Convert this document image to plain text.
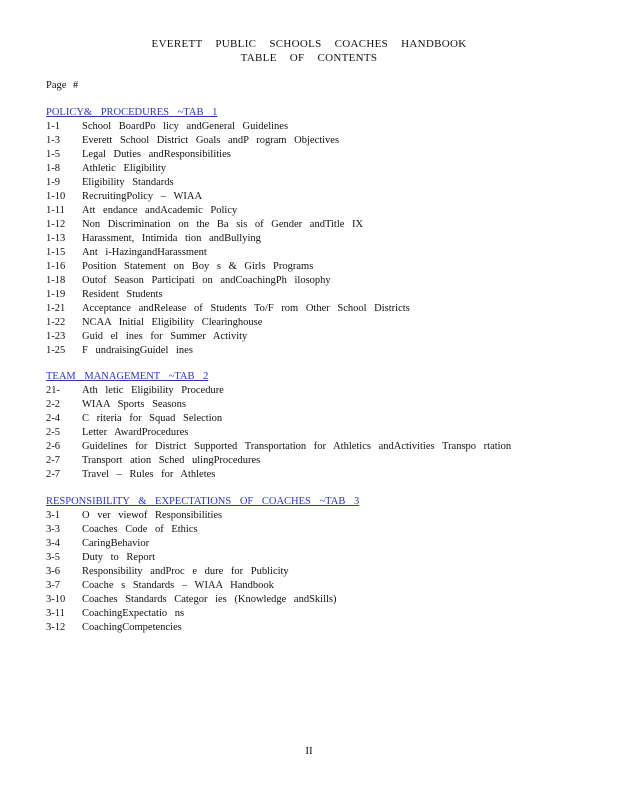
EVERETT PUBLIC SCHOOLS COACHES HANDBOOK
TABLE OF CONTENTS
Page #
POLICY& PROCEDURES ~TAB 1
1-1	School BoardPo licy andGeneral Guidelines
1-3	Everett School District Goals andP rogram Objectives
1-5	Legal Duties andResponsibilities
1-8	Athletic Eligibility
1-9	Eligibility Standards
1-10	RecruitingPolicy – WIAA
1-11	Att endance andAcademic Policy
1-12	Non Discrimination on the Ba sis of Gender andTitle IX
1-13	Harassment, Intimida tion andBullying
1-15	Ant i-HazingandHarassment
1-16	Position Statement on Boy s & Girls Programs
1-18	Outof Season Participati on andCoachingPh ilosophy
1-19	Resident Students
1-21	Acceptance andRelease of Students To/F rom Other School Districts
1-22	NCAA Initial Eligibility Clearinghouse
1-23	Guid el ines for Summer Activity
1-25	F undraisingGuidel ines
TEAM MANAGEMENT ~TAB 2
21-	Ath letic Eligibility Procedure
2-2	WIAA Sports Seasons
2-4	C riteria for Squad Selection
2-5	Letter AwardProcedures
2-6	Guidelines for District Supported Transportation for Athletics andActivities Transpo rtation
2-7	Transport ation Sched ulingProcedures
2-7	Travel – Rules for Athletes
RESPONSIBILITY & EXPECTATIONS OF COACHES ~TAB 3
3-1	O ver viewof Responsibilities
3-3	Coaches Code of Ethics
3-4	CaringBehavior
3-5	Duty to Report
3-6	Responsibility andProc e dure for Publicity
3-7	Coache s Standards – WIAA Handbook
3-10	Coaches Standards Categor ies (Knowledge andSkills)
3-11	CoachingExpectatio ns
3-12	CoachingCompetencies
II
